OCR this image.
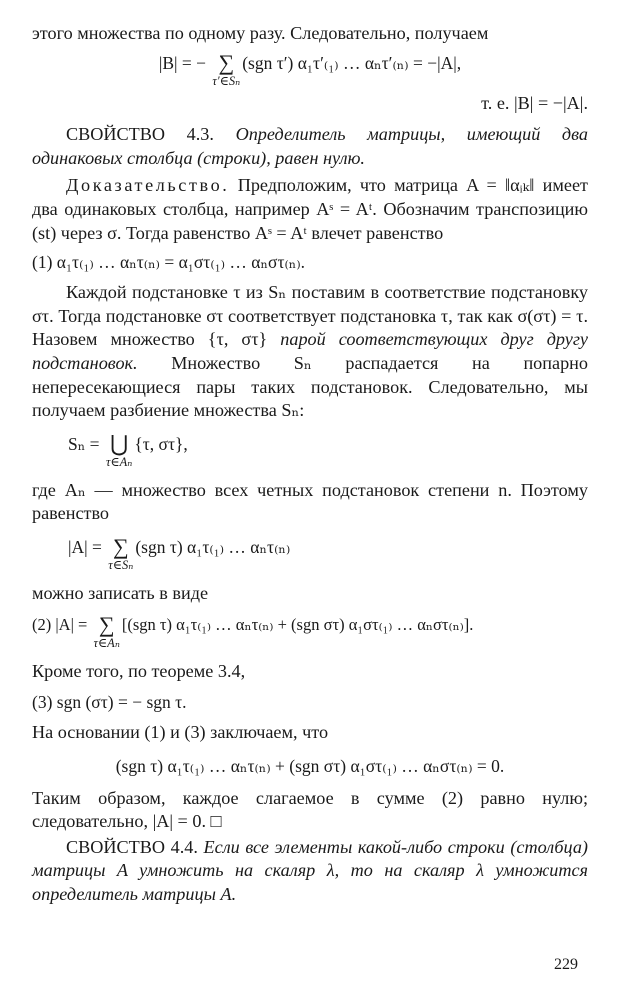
этого множества по одному разу. Следовательно, получаем

|B| = − ∑
τ′∈Sₙ
(sgn τ′) α₁τ′₍₁₎ … αₙτ′₍ₙ₎ = −|A|,

т. е. |B| = −|A|.

СВОЙСТВО 4.3. Определитель матрицы, имеющий два одинаковых столбца (строки), равен нулю.

Доказательство. Предположим, что матрица A = ‖αᵢₖ‖ имеет два одинаковых столбца, например Aˢ = Aᵗ. Обозначим транспозицию (st) через σ. Тогда равенство Aˢ = Aᵗ влечет равенство

(1) α₁τ₍₁₎ … αₙτ₍ₙ₎ = α₁στ₍₁₎ … αₙστ₍ₙ₎.

Каждой подстановке τ из Sₙ поставим в соответствие подстановку στ. Тогда подстановке στ соответствует подстановка τ, так как σ(στ) = τ. Назовем множество {τ, στ} парой соответствующих друг другу подстановок. Множество Sₙ распадается на попарно непересекающиеся пары таких подстановок. Следовательно, мы получаем разбиение множества Sₙ:

Sₙ = ⋃
τ∈Aₙ
{τ, στ},

где Aₙ — множество всех четных подстановок степени n. Поэтому равенство

|A| = ∑
τ∈Sₙ
(sgn τ) α₁τ₍₁₎ … αₙτ₍ₙ₎

можно записать в виде

(2) |A| = ∑
τ∈Aₙ
[(sgn τ) α₁τ₍₁₎ … αₙτ₍ₙ₎ + (sgn στ) α₁στ₍₁₎ … αₙστ₍ₙ₎].

Кроме того, по теореме 3.4,

(3) sgn (στ) = − sgn τ.

На основании (1) и (3) заключаем, что

(sgn τ) α₁τ₍₁₎ … αₙτ₍ₙ₎ + (sgn στ) α₁στ₍₁₎ … αₙστ₍ₙ₎ = 0.

Таким образом, каждое слагаемое в сумме (2) равно нулю; следовательно, |A| = 0. □

СВОЙСТВО 4.4. Если все элементы какой-либо строки (столбца) матрицы A умножить на скаляр λ, то на скаляр λ умножится определитель матрицы A.

229
